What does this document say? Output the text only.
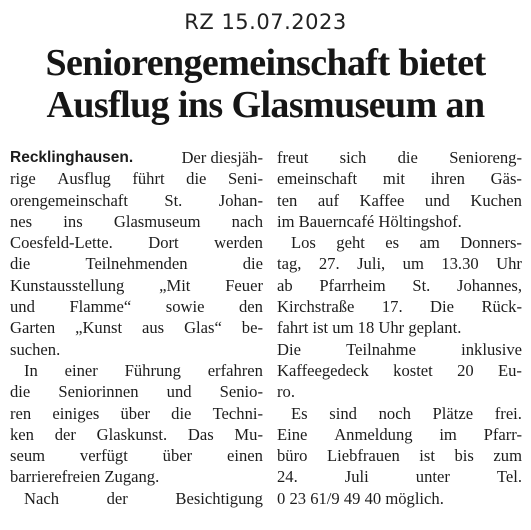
RZ 15.07.2023
Seniorengemeinschaft bietet
Ausflug ins Glasmuseum an
Recklinghausen.	Der diesjäh-
rige Ausflug führt die Seni-
orengemeinschaft St. Johan-
nes ins Glasmuseum nach
Coesfeld-Lette. Dort werden
die	Teilnehmenden	die
Kunstausstellung „Mit Feuer
und Flamme“ sowie den
Garten „Kunst aus Glas“ be-
suchen.
In einer Führung erfahren
die Seniorinnen und Senio-
ren einiges über die Techni-
ken der Glaskunst. Das Mu-
seum verfügt über einen
barrierefreien Zugang.
Nach	der	Besichtigung
freut sich die Senioreng-
emeinschaft mit ihren Gäs-
ten auf Kaffee und Kuchen
im Bauerncafé Höltingshof.
Los geht es am Donners-
tag, 27. Juli, um 13.30 Uhr
ab Pfarrheim St. Johannes,
Kirchstraße 17. Die Rück-
fahrt ist um 18 Uhr geplant.
Die	Teilnahme	inklusive
Kaffeegedeck kostet 20 Eu-
ro.
Es sind noch Plätze frei.
Eine Anmeldung im Pfarr-
büro Liebfrauen ist bis zum
24.	Juli	unter	Tel.
0 23 61/9 49 40 möglich.
